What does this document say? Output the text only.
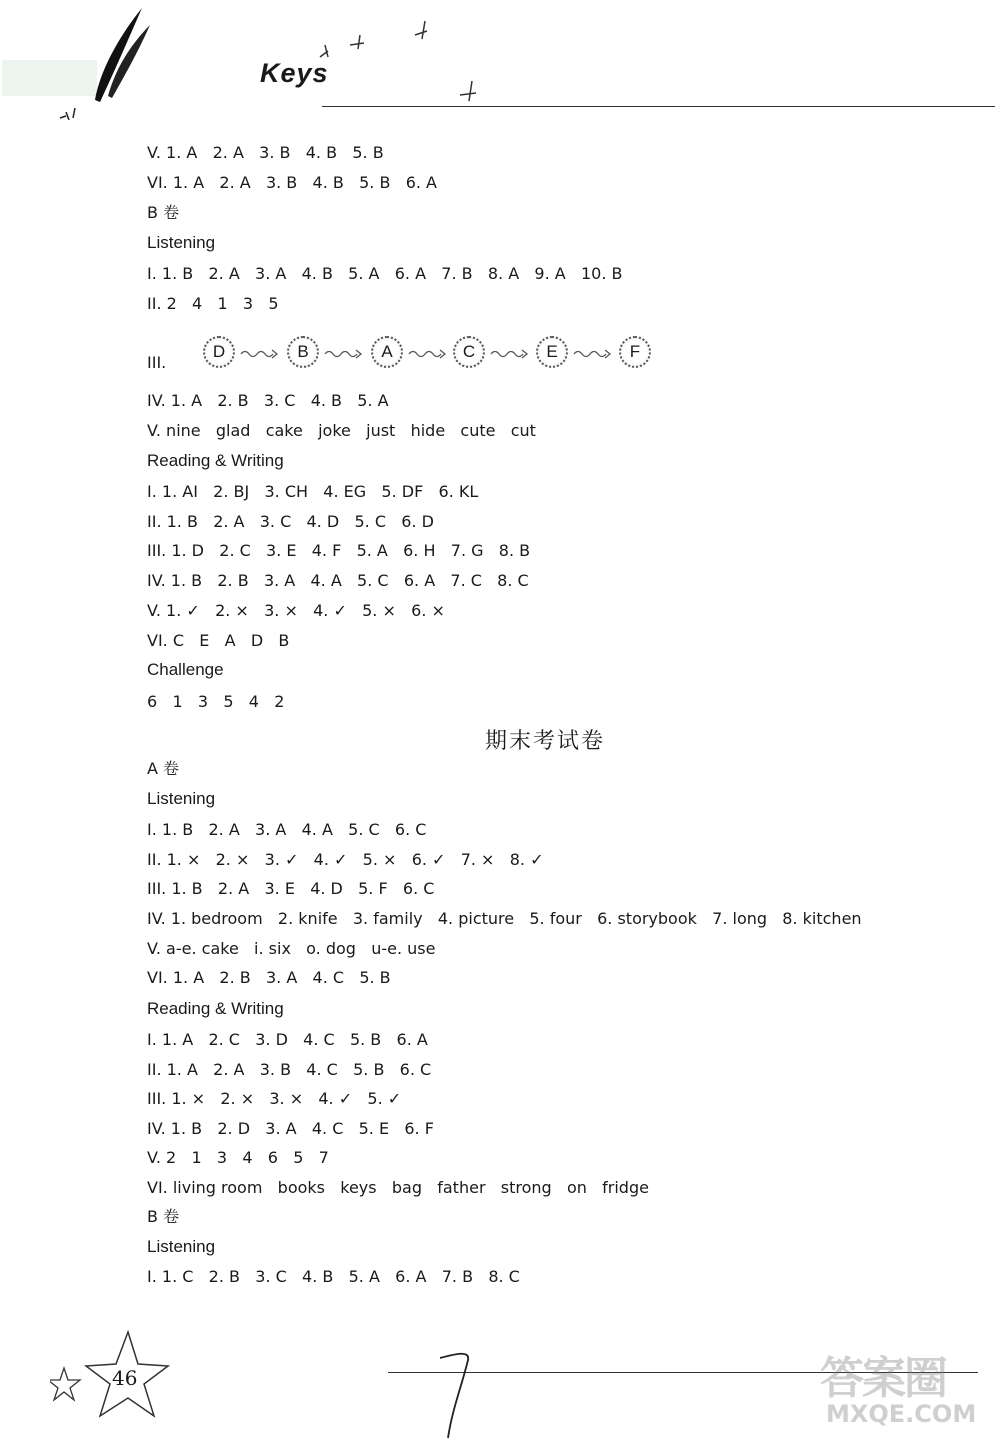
Keys
V. 1. A   2. A   3. B   4. B   5. B
VI. 1. A   2. A   3. B   4. B   5. B   6. A
B 卷
Listening
I. 1. B   2. A   3. A   4. B   5. A   6. A   7. B   8. A   9. A   10. B
II. 2   4   1   3   5
IV. 1. A   2. B   3. C   4. B   5. A
V. nine   glad   cake   joke   just   hide   cute   cut
Reading & Writing
I. 1. AI   2. BJ   3. CH   4. EG   5. DF   6. KL
II. 1. B   2. A   3. C   4. D   5. C   6. D
III. 1. D   2. C   3. E   4. F   5. A   6. H   7. G   8. B
IV. 1. B   2. B   3. A   4. A   5. C   6. A   7. C   8. C
V. 1. ✓   2. ×   3. ×   4. ✓   5. ×   6. ×
VI. C   E   A   D   B
Challenge
6   1   3   5   4   2
A 卷
Listening
I. 1. B   2. A   3. A   4. A   5. C   6. C
II. 1. ×   2. ×   3. ✓   4. ✓   5. ×   6. ✓   7. ×   8. ✓
III. 1. B   2. A   3. E   4. D   5. F   6. C
IV. 1. bedroom   2. knife   3. family   4. picture   5. four   6. storybook   7. long   8. kitchen
V. a-e. cake   i. six   o. dog   u-e. use
VI. 1. A   2. B   3. A   4. C   5. B
Reading & Writing
I. 1. A   2. C   3. D   4. C   5. B   6. A
II. 1. A   2. A   3. B   4. C   5. B   6. C
III. 1. ×   2. ×   3. ×   4. ✓   5. ✓
IV. 1. B   2. D   3. A   4. C   5. E   6. F
V. 2   1   3   4   6   5   7
VI. living room   books   keys   bag   father   strong   on   fridge
B 卷
Listening
I. 1. C   2. B   3. C   4. B   5. A   6. A   7. B   8. C
III.
D	B	A	C	E	F
期末考试卷
46	答案圈
MXQE.COM
